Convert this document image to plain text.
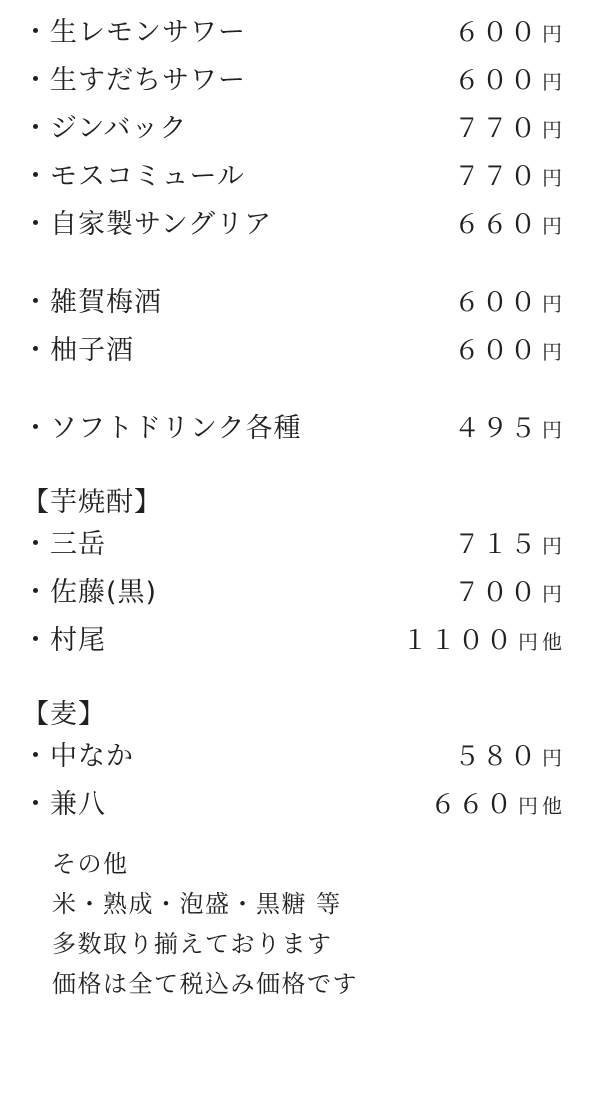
・生レモンサワー	６００ 円
・生すだちサワー	６００ 円
・ジンバック	７７０ 円
・モスコミュール	７７０ 円
・自家製サングリア	６６０ 円
・雑賀梅酒	６００ 円
・柚子酒	６００ 円
・ソフトドリンク各種	４９５ 円
【芋焼酎】
・三岳	７１５ 円
・佐藤(黒)	７００ 円
・村尾	１１００ 円 他
【麦】
・中なか	５８０ 円
・兼八	６６０ 円 他
その他
米・熟成・泡盛・黒糖 等
多数取り揃えております
価格は全て税込み価格です
